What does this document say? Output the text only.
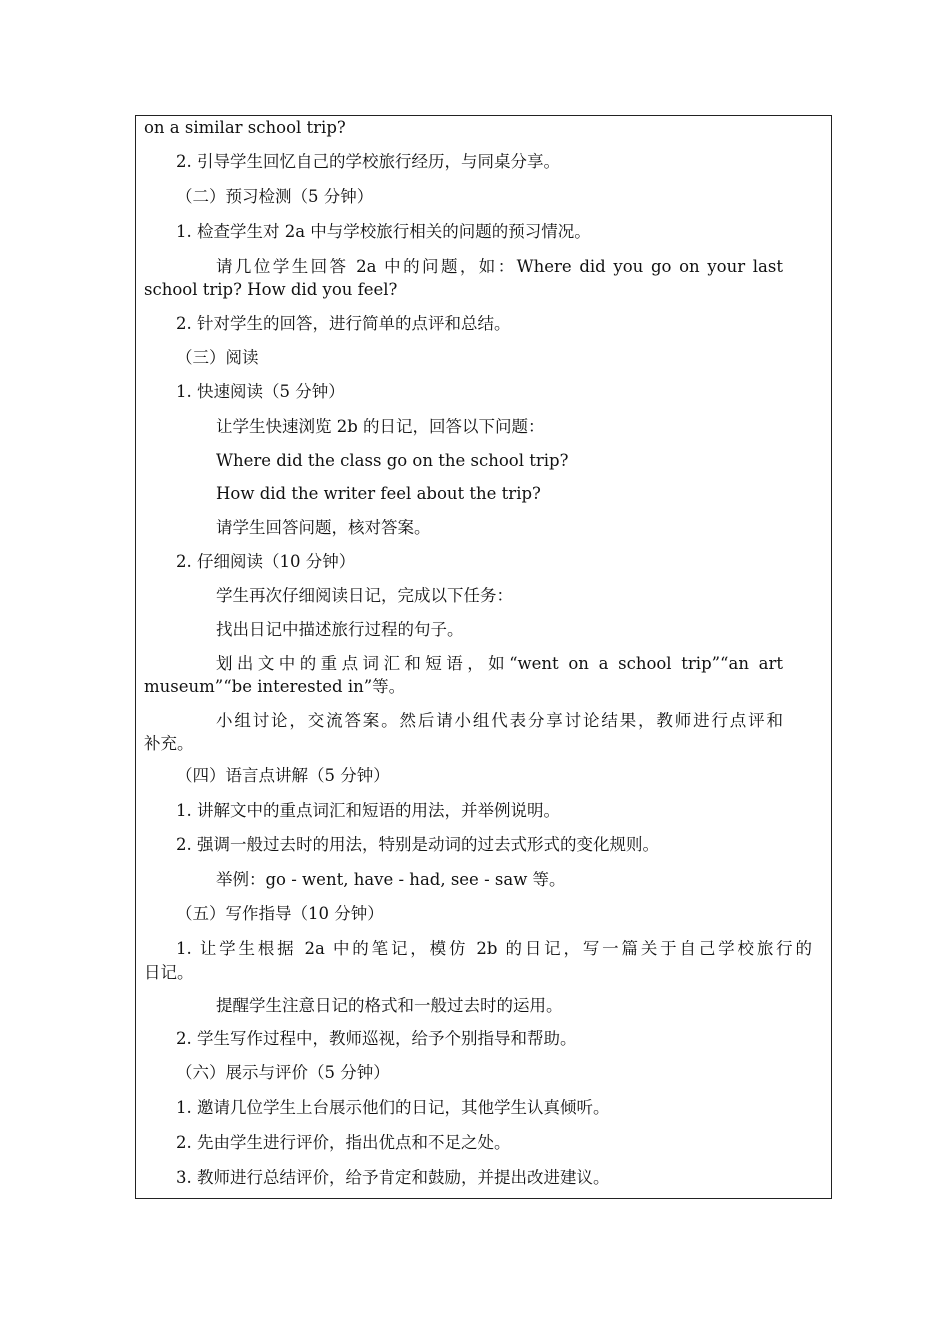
on a similar school trip?
2. 引导学生回忆自己的学校旅行经历，与同桌分享。
（二）预习检测（5 分钟）
1. 检查学生对 2a 中与学校旅行相关的问题的预习情况。
请几位学生回答 2a 中的问题，如：Where did you go on your last
school trip? How did you feel?
2. 针对学生的回答，进行简单的点评和总结。
（三）阅读
1. 快速阅读（5 分钟）
让学生快速浏览 2b 的日记，回答以下问题：
Where did the class go on the school trip?
How did the writer feel about the trip?
请学生回答问题，核对答案。
2. 仔细阅读（10 分钟）
学生再次仔细阅读日记，完成以下任务：
找出日记中描述旅行过程的句子。
划出文中的重点词汇和短语，如“went on a school trip”“an art
museum”“be interested in”等。
小组讨论，交流答案。然后请小组代表分享讨论结果，教师进行点评和
补充。
（四）语言点讲解（5 分钟）
1. 讲解文中的重点词汇和短语的用法，并举例说明。
2. 强调一般过去时的用法，特别是动词的过去式形式的变化规则。
举例：go - went, have - had, see - saw 等。
（五）写作指导（10 分钟）
1. 让学生根据 2a 中的笔记，模仿 2b 的日记，写一篇关于自己学校旅行的
日记。
提醒学生注意日记的格式和一般过去时的运用。
2. 学生写作过程中，教师巡视，给予个别指导和帮助。
（六）展示与评价（5 分钟）
1. 邀请几位学生上台展示他们的日记，其他学生认真倾听。
2. 先由学生进行评价，指出优点和不足之处。
3. 教师进行总结评价，给予肯定和鼓励，并提出改进建议。
